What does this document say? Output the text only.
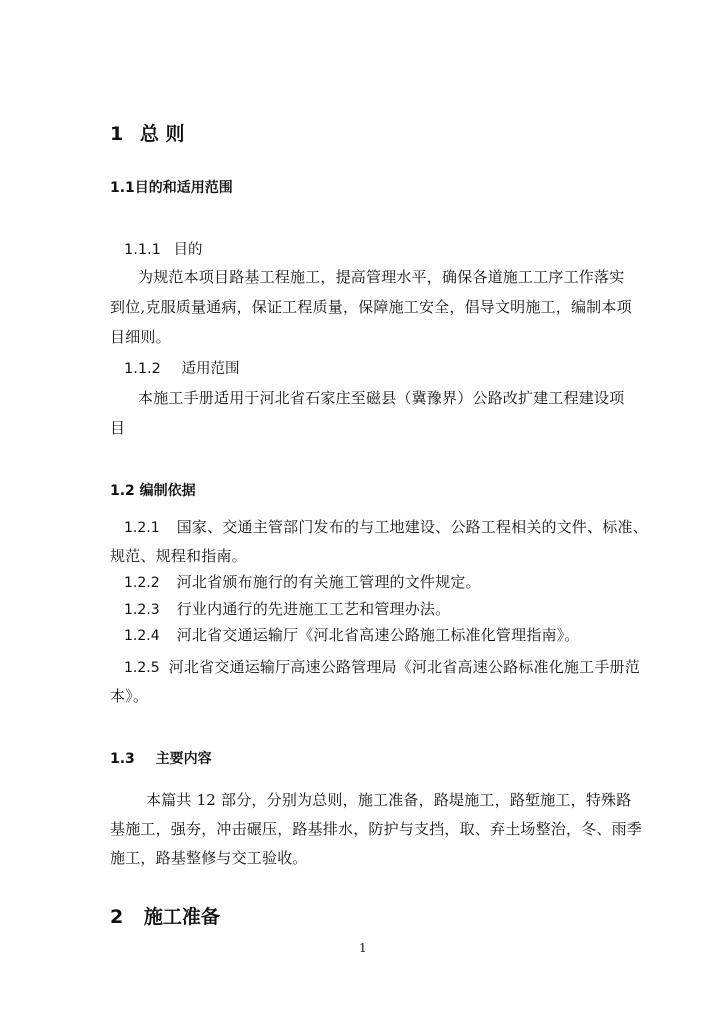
1 总 则
1.1目的和适用范围
1.1.1 目的
为规范本项目路基工程施工，提高管理水平，确保各道施工工序工作落实
到位,克服质量通病，保证工程质量，保障施工安全，倡导文明施工，编制本项
目细则。
1.1.2 适用范围
本施工手册适用于河北省石家庄至磁县（冀豫界）公路改扩建工程建设项
目
1.2 编制依据
1.2.1 国家、交通主管部门发布的与工地建设、公路工程相关的文件、标准、
规范、规程和指南。
1.2.2 河北省颁布施行的有关施工管理的文件规定。
1.2.3 行业内通行的先进施工工艺和管理办法。
1.2.4 河北省交通运输厅《河北省高速公路施工标准化管理指南》。
1.2.5 河北省交通运输厅高速公路管理局《河北省高速公路标准化施工手册范
本》。
1.3 主要内容
本篇共 12 部分，分别为总则，施工准备，路堤施工，路堑施工，特殊路
基施工，强夯，冲击碾压，路基排水，防护与支挡，取、弃土场整治，冬、雨季
施工，路基整修与交工验收。
2 施工准备
1
